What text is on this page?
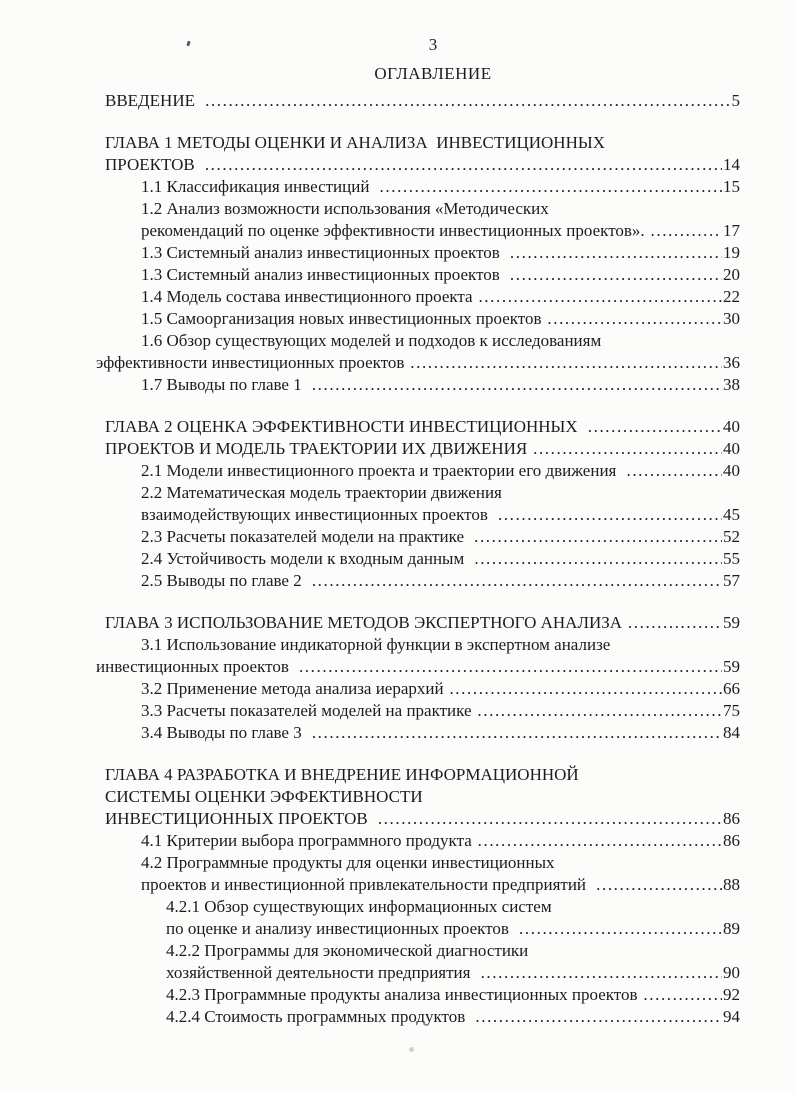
3
ОГЛАВЛЕНИЕ
ВВЕДЕНИЕ .....	5
ГЛАВА 1 МЕТОДЫ ОЦЕНКИ И АНАЛИЗА  ИНВЕСТИЦИОННЫХ
ПРОЕКТОВ .....	14
1.1 Классификация инвестиций .....	15
1.2 Анализ возможности использования «Методических
рекомендаций по оценке эффективности инвестиционных проектов». .....	17
1.3 Системный анализ инвестиционных проектов .....	19
1.3 Системный анализ инвестиционных проектов .....	20
1.4 Модель состава инвестиционного проекта .....	22
1.5 Самоорганизация новых инвестиционных проектов .....	30
1.6 Обзор существующих моделей и подходов к исследованиям
эффективности инвестиционных проектов .....	36
1.7 Выводы по главе 1 .....	38
ГЛАВА 2 ОЦЕНКА ЭФФЕКТИВНОСТИ ИНВЕСТИЦИОННЫХ .....	40
ПРОЕКТОВ И МОДЕЛЬ ТРАЕКТОРИИ ИХ ДВИЖЕНИЯ .....	40
2.1 Модели инвестиционного проекта и траектории его движения .....	40
2.2 Математическая модель траектории движения
взаимодействующих инвестиционных проектов .....	45
2.3 Расчеты показателей модели на практике .....	52
2.4 Устойчивость модели к входным данным .....	55
2.5 Выводы по главе 2 .....	57
ГЛАВА 3 ИСПОЛЬЗОВАНИЕ МЕТОДОВ ЭКСПЕРТНОГО АНАЛИЗА .....	59
3.1 Использование индикаторной функции в экспертном анализе
инвестиционных проектов .....	59
3.2 Применение метода анализа иерархий .....	66
3.3 Расчеты показателей моделей на практике .....	75
3.4 Выводы по главе 3 .....	84
ГЛАВА 4 РАЗРАБОТКА И ВНЕДРЕНИЕ ИНФОРМАЦИОННОЙ
СИСТЕМЫ ОЦЕНКИ ЭФФЕКТИВНОСТИ
ИНВЕСТИЦИОННЫХ ПРОЕКТОВ .....	86
4.1 Критерии выбора программного продукта .....	86
4.2 Программные продукты для оценки инвестиционных
проектов и инвестиционной привлекательности предприятий .....	88
4.2.1 Обзор существующих информационных систем
по оценке и анализу инвестиционных проектов .....	89
4.2.2 Программы для экономической диагностики
хозяйственной деятельности предприятия .....	90
4.2.3 Программные продукты анализа инвестиционных проектов .....	92
4.2.4 Стоимость программных продуктов .....	94
